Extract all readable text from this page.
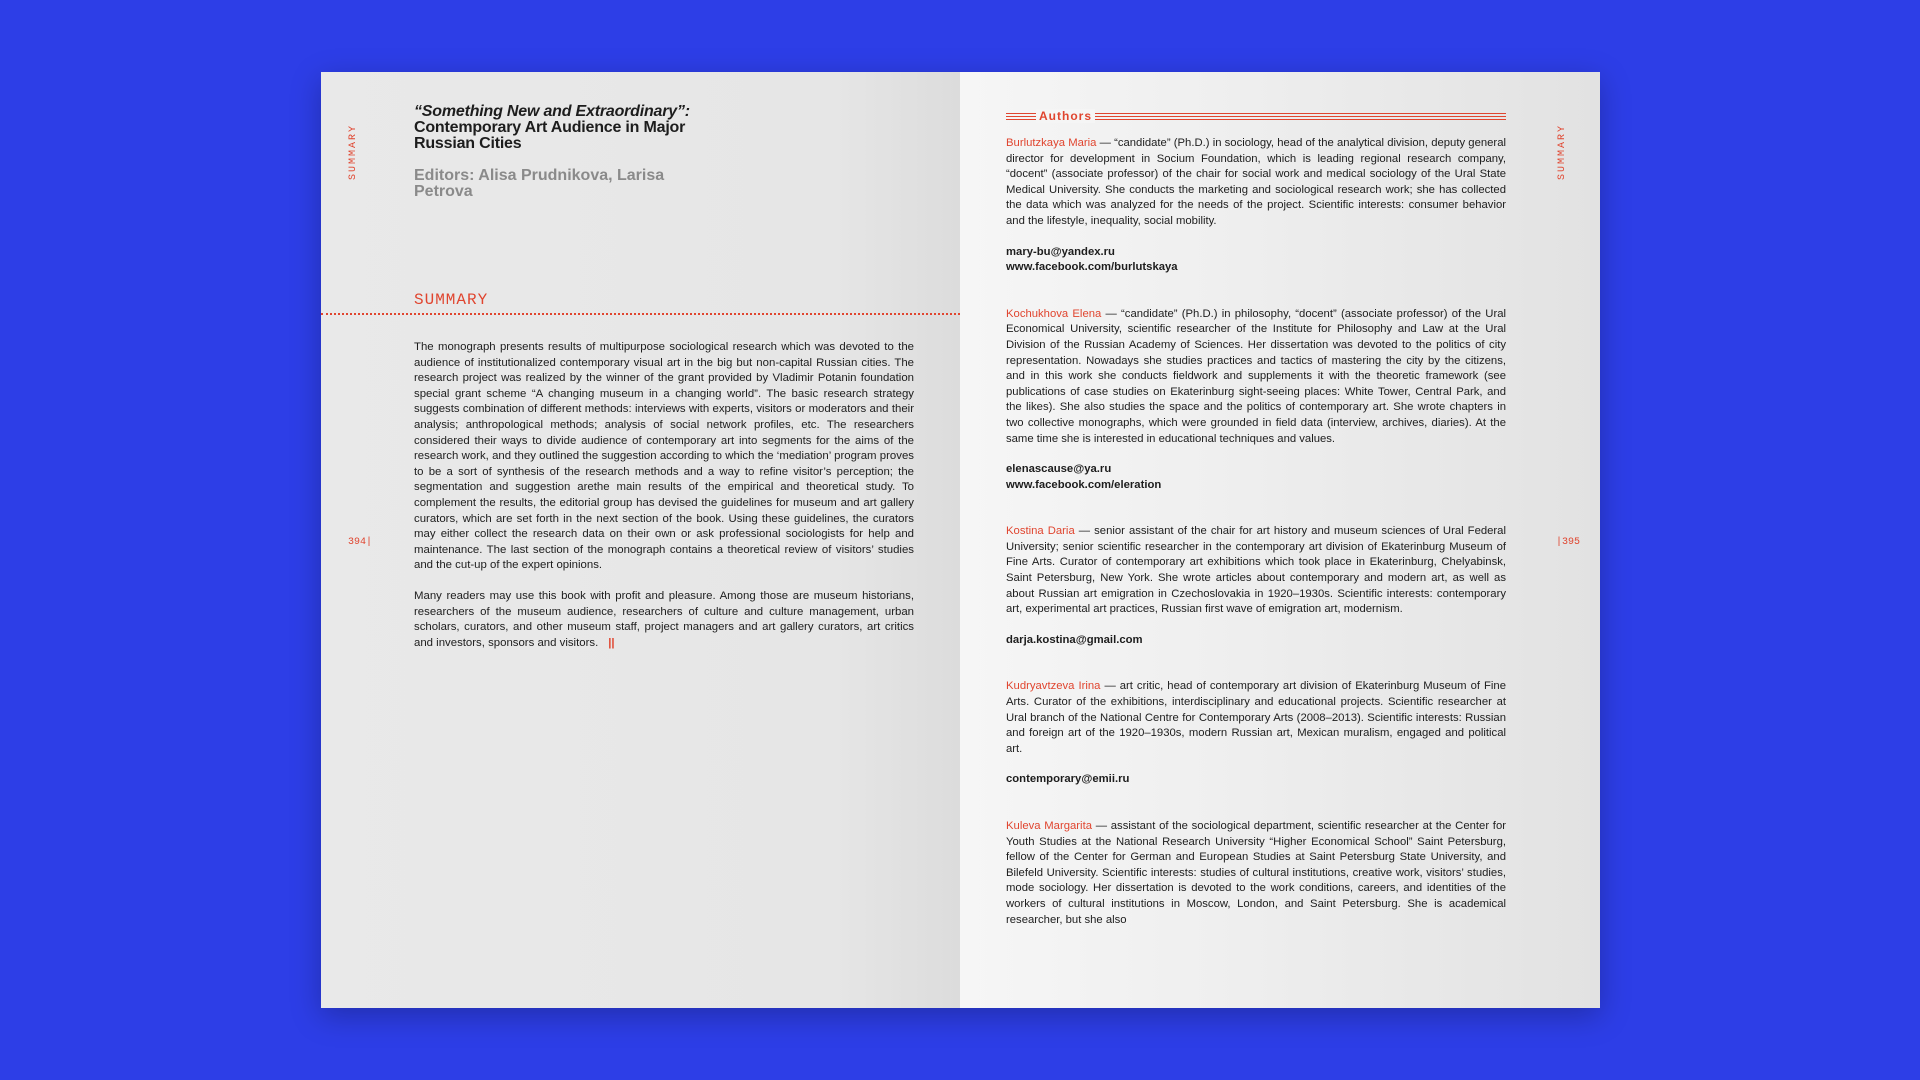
SUMMARY
394|
“Something New and Extraordinary”: Contemporary Art Audience in Major Russian Cities
Editors: Alisa Prudnikova, Larisa Petrova
SUMMARY

The monograph presents results of multipurpose sociological research which was devoted to the audience of institutionalized contemporary visual art in the big but non-capital Russian cities. The research project was realized by the winner of the grant provided by Vladimir Potanin foundation special grant scheme “A changing museum in a changing world”. The basic research strategy suggests combination of different methods: interviews with experts, visitors or moderators and their analysis; anthropological methods; analysis of social network profiles, etc. The researchers considered their ways to divide audience of contemporary art into segments for the aims of the research work, and they outlined the suggestion according to which the ‘mediation’ program proves to be a sort of synthesis of the research methods and a way to refine visitor’s perception; the segmentation and suggestion arethe main results of the empirical and theoretical study. To complement the results, the editorial group has devised the guidelines for museum and art gallery curators, which are set forth in the next section of the book. Using these guidelines, the curators may either collect the research data on their own or ask professional sociologists for help and maintenance. The last section of the monograph contains a theoretical review of visitors’ studies and the cut-up of the expert opinions.

Many readers may use this book with profit and pleasure. Among those are museum historians, researchers of the museum audience, researchers of culture and culture management, urban scholars, curators, and other museum staff, project managers and art gallery curators, art critics and investors, sponsors and visitors. ||

SUMMARY
|395
Authors

Burlutzkaya Maria — “candidate” (Ph.D.) in sociology, head of the analytical division, deputy general director for development in Socium Foundation, which is leading regional research company, “docent” (associate professor) of the chair for social work and medical sociology of the Ural State Medical University. She conducts the marketing and sociological research work; she has collected the data which was analyzed for the needs of the project. Scientific interests: consumer behavior and the lifestyle, inequality, social mobility.

mary-bu@yandex.ru
www.facebook.com/burlutskaya

Kochukhova Elena — “candidate” (Ph.D.) in philosophy, “docent” (associate professor) of the Ural Economical University, scientific researcher of the Institute for Philosophy and Law at the Ural Division of the Russian Academy of Sciences. Her dissertation was devoted to the politics of city representation. Nowadays she studies practices and tactics of mastering the city by the citizens, and in this work she conducts fieldwork and supplements it with the theoretic framework (see publications of case studies on Ekaterinburg sight-seeing places: White Tower, Central Park, and the likes). She also studies the space and the politics of contemporary art. She wrote chapters in two collective monographs, which were grounded in field data (interview, archives, diaries). At the same time she is interested in educational techniques and values.

elenascause@ya.ru
www.facebook.com/eleration

Kostina Daria — senior assistant of the chair for art history and museum sciences of Ural Federal University; senior scientific researcher in the contemporary art division of Ekaterinburg Museum of Fine Arts. Curator of contemporary art exhibitions which took place in Ekaterinburg, Chelyabinsk, Saint Petersburg, New York. She wrote articles about contemporary and modern art, as well as about Russian art emigration in Czechoslovakia in 1920–1930s. Scientific interests: contemporary art, experimental art practices, Russian first wave of emigration art, modernism.

darja.kostina@gmail.com

Kudryavtzeva Irina — art critic, head of contemporary art division of Ekaterinburg Museum of Fine Arts. Curator of the exhibitions, interdisciplinary and educational projects. Scientific researcher at Ural branch of the National Centre for Contemporary Arts (2008–2013). Scientific interests: Russian and foreign art of the 1920–1930s, modern Russian art, Mexican muralism, engaged and political art.

contemporary@emii.ru

Kuleva Margarita — assistant of the sociological department, scientific researcher at the Center for Youth Studies at the National Research University “Higher Economical School” Saint Petersburg, fellow of the Center for German and European Studies at Saint Petersburg State University, and Bilefeld University. Scientific interests: studies of cultural institutions, creative work, visitors’ studies, mode sociology. Her dissertation is devoted to the work conditions, careers, and identities of the workers of cultural institutions in Moscow, London, and Saint Petersburg. She is academical researcher, but she also
